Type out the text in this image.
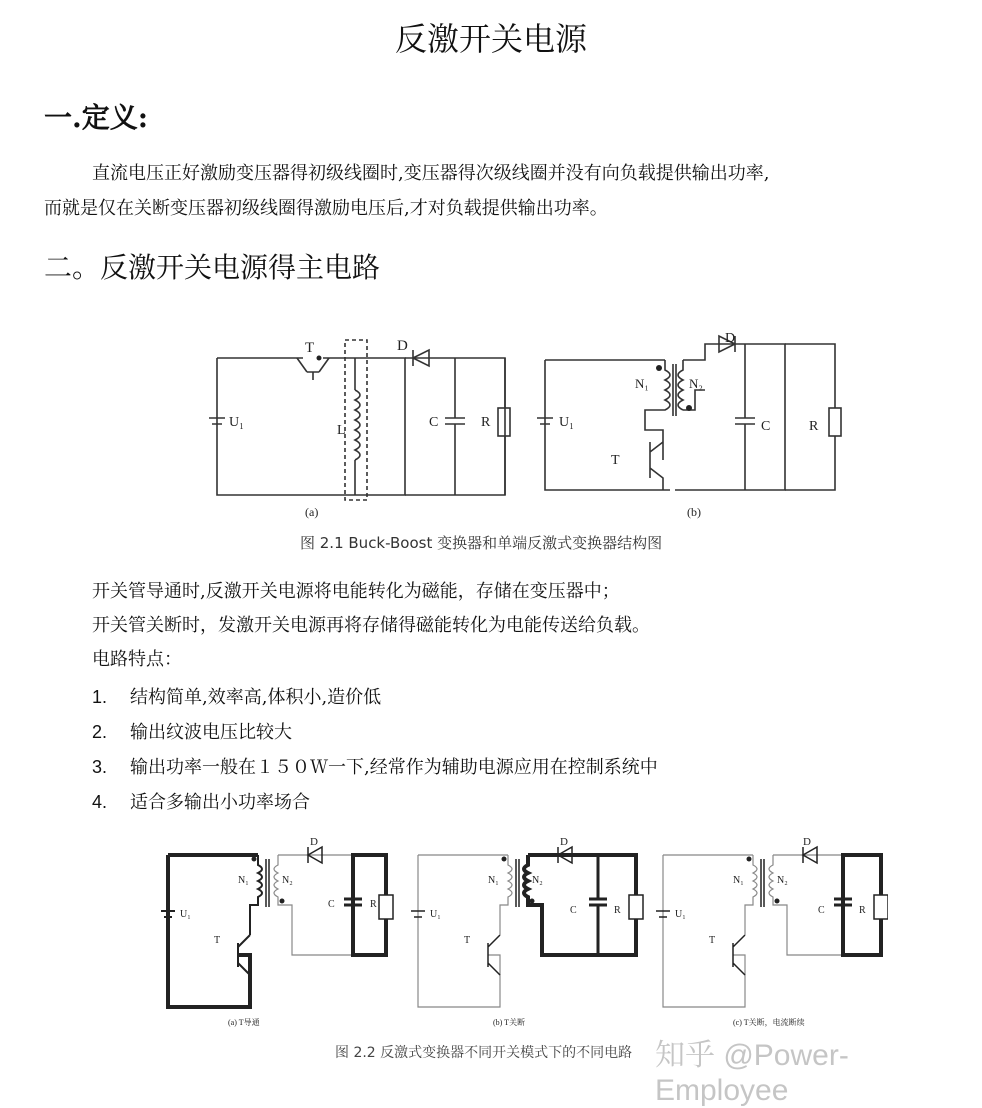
反激开关电源
一.定义:
直流电压正好激励变压器得初级线圈时,变压器得次级线圈并没有向负载提供输出功率,
而就是仅在关断变压器初级线圈得激励电压后,才对负载提供输出功率。
二。反激开关电源得主电路
T	D
U₁
L
C	R
(a)
D
N₁	N₂
U₁	C	R
T
(b)
图 2.1 Buck-Boost 变换器和单端反激式变换器结构图
开关管导通时,反激开关电源将电能转化为磁能，存储在变压器中；
开关管关断时，发激开关电源再将存储得磁能转化为电能传送给负载。
电路特点：
1. 结构简单,效率高,体积小,造价低
2. 输出纹波电压比较大
3. 输出功率一般在１５０Ｗ一下,经常作为辅助电源应用在控制系统中
4. 适合多输出小功率场合
D
N₁	N₂
U₁
C	R
T
(a) T导通
D
N₁	N₂
U₁	C	R
T
(b) T关断
D
N₁	N₂
U₁	C	R
T
(c) T关断，电流断续
图 2.2 反激式变换器不同开关模式下的不同电路 知乎 @Power-Employee
